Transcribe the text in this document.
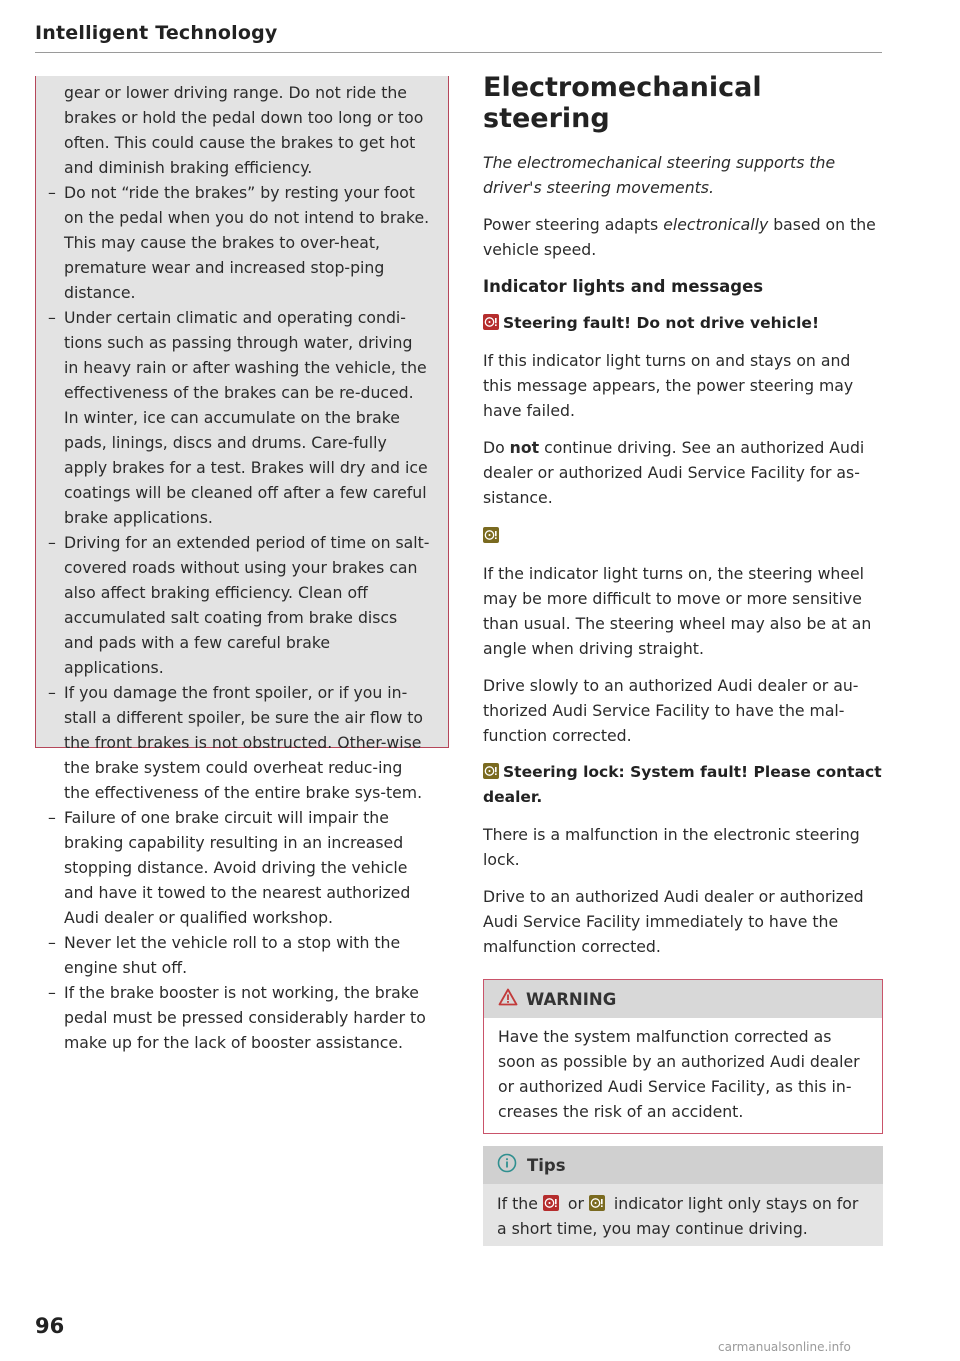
Intelligent Technology

gear or lower driving range. Do not ride the brakes or hold the pedal down too long or too often. This could cause the brakes to get hot and diminish braking efficiency.

– Do not “ride the brakes” by resting your foot on the pedal when you do not intend to brake. This may cause the brakes to over-heat, premature wear and increased stop-ping distance.
– Under certain climatic and operating condi-tions such as passing through water, driving in heavy rain or after washing the vehicle, the effectiveness of the brakes can be re-duced. In winter, ice can accumulate on the brake pads, linings, discs and drums. Care-fully apply brakes for a test. Brakes will dry and ice coatings will be cleaned off after a few careful brake applications.
– Driving for an extended period of time on salt-covered roads without using your brakes can also affect braking efficiency. Clean off accumulated salt coating from brake discs and pads with a few careful brake applications.
– If you damage the front spoiler, or if you in-stall a different spoiler, be sure the air flow to the front brakes is not obstructed. Other-wise the brake system could overheat reduc-ing the effectiveness of the entire brake sys-tem.
– Failure of one brake circuit will impair the braking capability resulting in an increased stopping distance. Avoid driving the vehicle and have it towed to the nearest authorized Audi dealer or qualified workshop.
– Never let the vehicle roll to a stop with the engine shut off.
– If the brake booster is not working, the brake pedal must be pressed considerably harder to make up for the lack of booster assistance.
Electromechanical steering

The electromechanical steering supports the driver's steering movements.

Power steering adapts electronically based on the vehicle speed.

Indicator lights and messages
Steering fault! Do not drive vehicle!

If this indicator light turns on and stays on and this message appears, the power steering may have failed.

Do not continue driving. See an authorized Audi dealer or authorized Audi Service Facility for as-sistance.

If the indicator light turns on, the steering wheel may be more difficult to move or more sensitive than usual. The steering wheel may also be at an angle when driving straight.

Drive slowly to an authorized Audi dealer or au-thorized Audi Service Facility to have the mal-function corrected.

Steering lock: System fault! Please contact dealer.

There is a malfunction in the electronic steering lock.

Drive to an authorized Audi dealer or authorized Audi Service Facility immediately to have the malfunction corrected.

WARNING
Have the system malfunction corrected as soon as possible by an authorized Audi dealer or authorized Audi Service Facility, as this in-creases the risk of an accident.
Tips
If the
or
indicator light only stays on for a short time, you may continue driving.
96
carmanualsonline.info
